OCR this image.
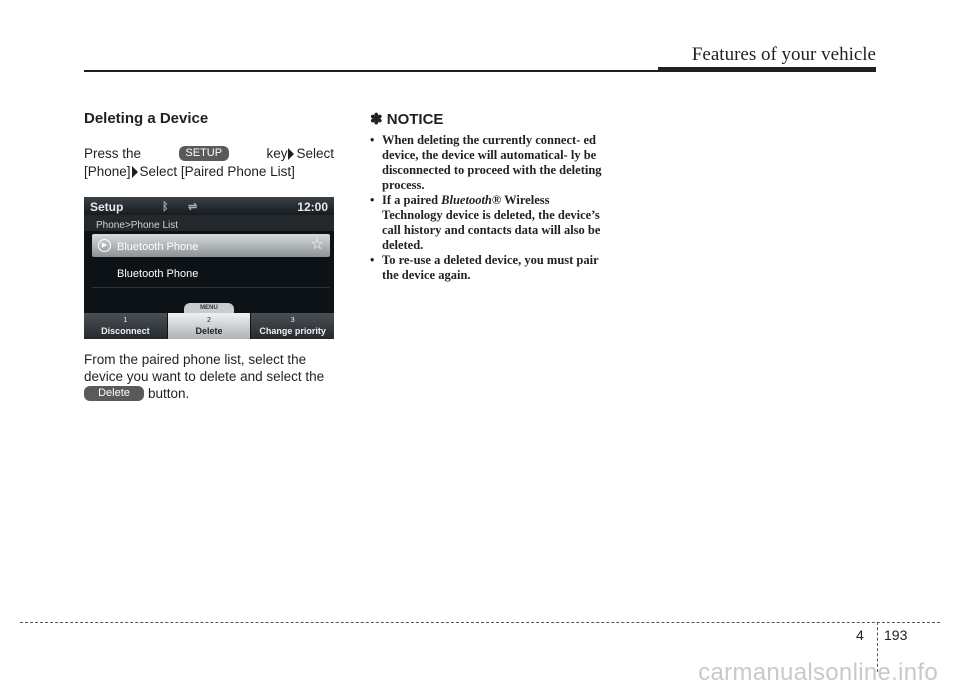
Features of your vehicle
Deleting a Device
Press the	SETUP	key Select
[Phone] Select [Paired Phone List]
Setup	ᛒ ⇌	12:00
Phone>Phone List
▶ Bluetooth Phone	☆
Bluetooth Phone
MENU
1
Disconnect
2
Delete
3
Change priority
From the paired phone list, select the
device you want to delete and select the
Delete	button.
✽ NOTICE
• When deleting the currently connect- ed device, the device will automatical- ly be disconnected to proceed with the deleting process.
• If a paired Bluetooth® Wireless Technology device is deleted, the device’s call history and contacts data will also be deleted.
• To re-use a deleted device, you must pair the device again.
4 193
carmanualsonline.info
